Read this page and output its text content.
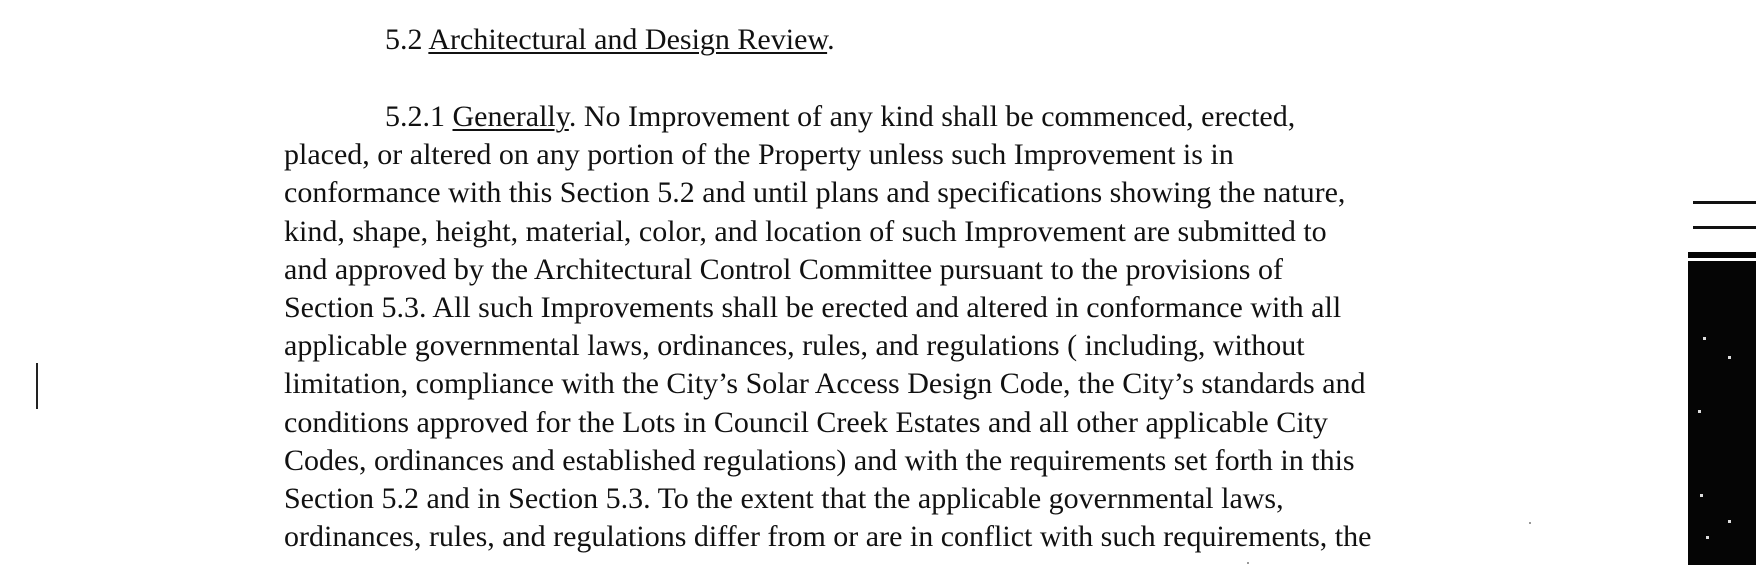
5.2 Architectural and Design Review.
5.2.1 Generally. No Improvement of any kind shall be commenced, erected,
placed, or altered on any portion of the Property unless such Improvement is in
conformance with this Section 5.2 and until plans and specifications showing the nature,
kind, shape, height, material, color, and location of such Improvement are submitted to
and approved by the Architectural Control Committee pursuant to the provisions of
Section 5.3. All such Improvements shall be erected and altered in conformance with all
applicable governmental laws, ordinances, rules, and regulations ( including, without
limitation, compliance with the City’s Solar Access Design Code, the City’s standards and
conditions approved for the Lots in Council Creek Estates and all other applicable City
Codes, ordinances and established regulations) and with the requirements set forth in this
Section 5.2 and in Section 5.3. To the extent that the applicable governmental laws,
ordinances, rules, and regulations differ from or are in conflict with such requirements, the
